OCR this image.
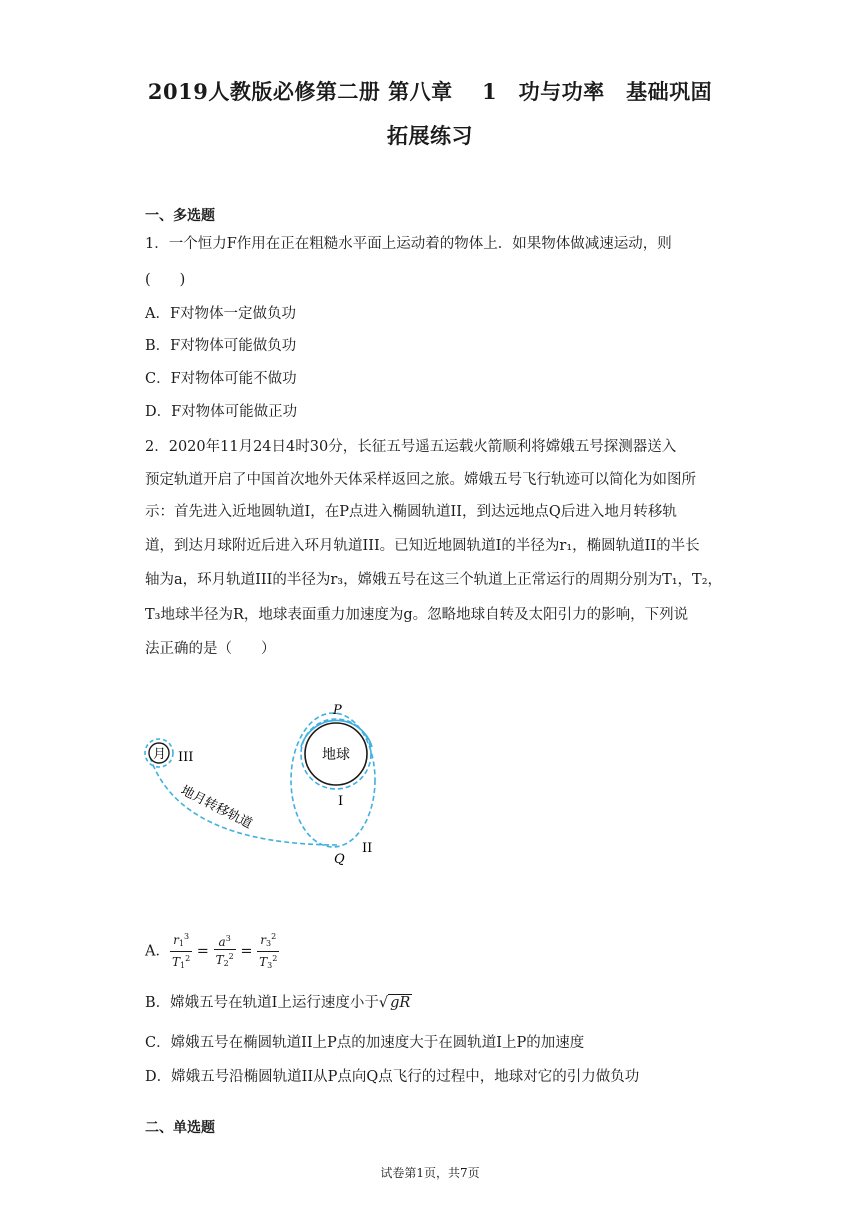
2019人教版必修第二册 第八章　 1　功与功率　基础巩固
拓展练习
一、多选题
1．一个恒力F作用在正在粗糙水平面上运动着的物体上．如果物体做减速运动，则
(　　)
A．F对物体一定做负功
B．F对物体可能做负功
C．F对物体可能不做功
D．F对物体可能做正功
2．2020年11月24日4时30分，长征五号遥五运载火箭顺利将嫦娥五号探测器送入
预定轨道开启了中国首次地外天体采样返回之旅。嫦娥五号飞行轨迹可以简化为如图所
示：首先进入近地圆轨道I，在P点进入椭圆轨道II，到达远地点Q后进入地月转移轨
道，到达月球附近后进入环月轨道III。已知近地圆轨道I的半径为r₁，椭圆轨道II的半长
轴为a，环月轨道III的半径为r₃，嫦娥五号在这三个轨道上正常运行的周期分别为T₁，T₂，
T₃地球半径为R，地球表面重力加速度为g。忽略地球自转及太阳引力的影响，下列说
法正确的是（　　）
月	地球
III
I
II
P
Q
地月转移轨道
A． $\frac{r1^3}{T1^2} = \frac{a^3}{T2^2} = \frac{r3^2}{T3^2}$
B．嫦娥五号在轨道I上运行速度小于√ gR
C．嫦娥五号在椭圆轨道II上P点的加速度大于在圆轨道I上P的加速度
D．嫦娥五号沿椭圆轨道II从P点向Q点飞行的过程中，地球对它的引力做负功
二、单选题
试卷第1页，共7页
